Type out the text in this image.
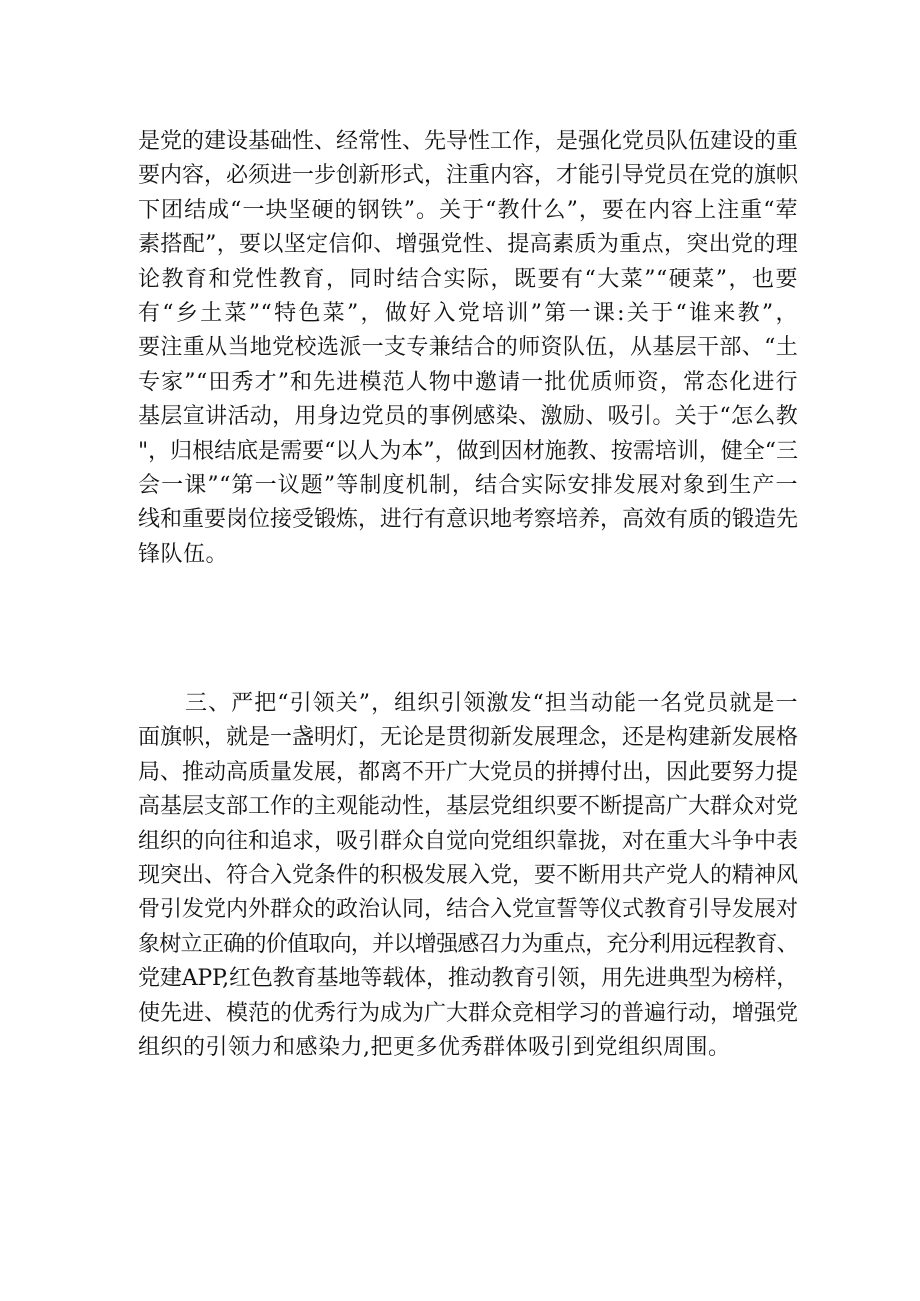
是党的建设基础性、经常性、先导性工作，是强化党员队伍建设的重
要内容，必须进一步创新形式，注重内容，才能引导党员在党的旗帜
下团结成“一块坚硬的钢铁”。关于“教什么”，要在内容上注重“荤
素搭配”，要以坚定信仰、增强党性、提高素质为重点，突出党的理
论教育和党性教育，同时结合实际，既要有“大菜”“硬菜”，也要
有“乡土菜”“特色菜”，做好入党培训”第一课:关于“谁来教”，
要注重从当地党校选派一支专兼结合的师资队伍，从基层干部、“土
专家”“田秀才”和先进模范人物中邀请一批优质师资，常态化进行
基层宣讲活动，用身边党员的事例感染、激励、吸引。关于“怎么教
"，归根结底是需要“以人为本”，做到因材施教、按需培训，健全“三
会一课”“第一议题”等制度机制，结合实际安排发展对象到生产一
线和重要岗位接受锻炼，进行有意识地考察培养，高效有质的锻造先
锋队伍。
三、严把“引领关”，组织引领激发“担当动能一名党员就是一
面旗帜，就是一盏明灯，无论是贯彻新发展理念，还是构建新发展格
局、推动高质量发展，都离不开广大党员的拼搏付出，因此要努力提
高基层支部工作的主观能动性，基层党组织要不断提高广大群众对党
组织的向往和追求，吸引群众自觉向党组织靠拢，对在重大斗争中表
现突出、符合入党条件的积极发展入党，要不断用共产党人的精神风
骨引发党内外群众的政治认同，结合入党宣誓等仪式教育引导发展对
象树立正确的价值取向，并以增强感召力为重点，充分利用远程教育、
党建APP,红色教育基地等载体，推动教育引领，用先进典型为榜样，
使先进、模范的优秀行为成为广大群众竞相学习的普遍行动，增强党
组织的引领力和感染力,把更多优秀群体吸引到党组织周围。
